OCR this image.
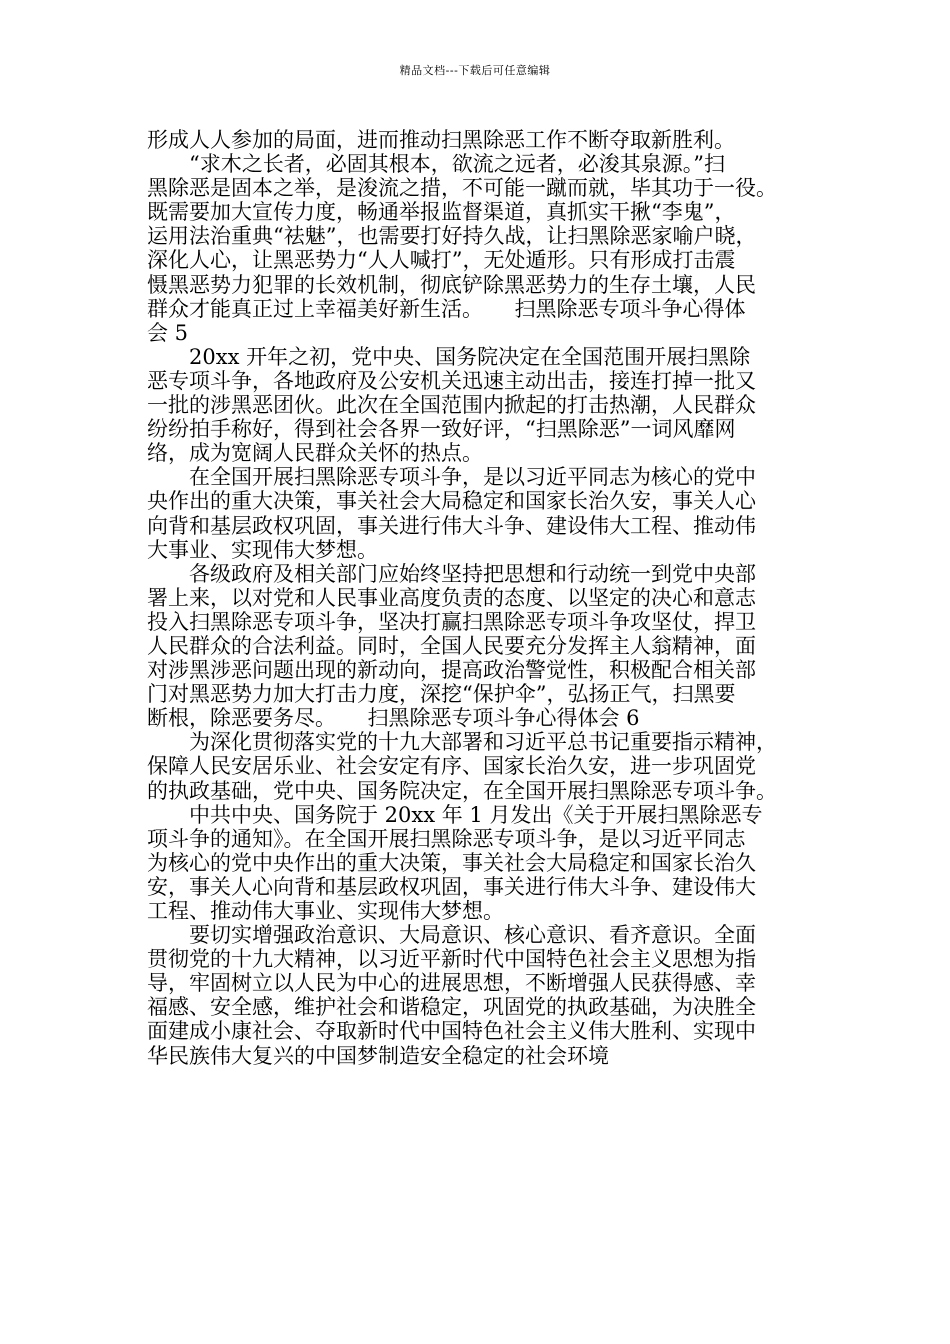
精品文档---下载后可任意编辑
形成人人参加的局面，进而推动扫黑除恶工作不断夺取新胜利。
　　“求木之长者，必固其根本，欲流之远者，必浚其泉源。”扫
黑除恶是固本之举，是浚流之措，不可能一蹴而就，毕其功于一役。
既需要加大宣传力度，畅通举报监督渠道，真抓实干揪“李鬼”，
运用法治重典“祛魅”，也需要打好持久战，让扫黑除恶家喻户晓，
深化人心，让黑恶势力“人人喊打”，无处遁形。只有形成打击震
慑黑恶势力犯罪的长效机制，彻底铲除黑恶势力的生存土壤，人民
群众才能真正过上幸福美好新生活。　　扫黑除恶专项斗争心得体
会 5
　　20xx 开年之初，党中央、国务院决定在全国范围开展扫黑除
恶专项斗争，各地政府及公安机关迅速主动出击，接连打掉一批又
一批的涉黑恶团伙。此次在全国范围内掀起的打击热潮，人民群众
纷纷拍手称好，得到社会各界一致好评，“扫黑除恶”一词风靡网
络，成为宽阔人民群众关怀的热点。
　　在全国开展扫黑除恶专项斗争，是以习近平同志为核心的党中
央作出的重大决策，事关社会大局稳定和国家长治久安，事关人心
向背和基层政权巩固，事关进行伟大斗争、建设伟大工程、推动伟
大事业、实现伟大梦想。
　　各级政府及相关部门应始终坚持把思想和行动统一到党中央部
署上来，以对党和人民事业高度负责的态度、以坚定的决心和意志
投入扫黑除恶专项斗争，坚决打赢扫黑除恶专项斗争攻坚仗，捍卫
人民群众的合法利益。同时，全国人民要充分发挥主人翁精神，面
对涉黑涉恶问题出现的新动向，提高政治警觉性，积极配合相关部
门对黑恶势力加大打击力度，深挖“保护伞”，弘扬正气，扫黑要
断根，除恶要务尽。　　扫黑除恶专项斗争心得体会 6
　　为深化贯彻落实党的十九大部署和习近平总书记重要指示精神，
保障人民安居乐业、社会安定有序、国家长治久安，进一步巩固党
的执政基础，党中央、国务院决定，在全国开展扫黑除恶专项斗争。
　　中共中央、国务院于 20xx 年 1 月发出《关于开展扫黑除恶专
项斗争的通知》。在全国开展扫黑除恶专项斗争，是以习近平同志
为核心的党中央作出的重大决策，事关社会大局稳定和国家长治久
安，事关人心向背和基层政权巩固，事关进行伟大斗争、建设伟大
工程、推动伟大事业、实现伟大梦想。
　　要切实增强政治意识、大局意识、核心意识、看齐意识。全面
贯彻党的十九大精神，以习近平新时代中国特色社会主义思想为指
导，牢固树立以人民为中心的进展思想，不断增强人民获得感、幸
福感、安全感，维护社会和谐稳定，巩固党的执政基础，为决胜全
面建成小康社会、夺取新时代中国特色社会主义伟大胜利、实现中
华民族伟大复兴的中国梦制造安全稳定的社会环境
